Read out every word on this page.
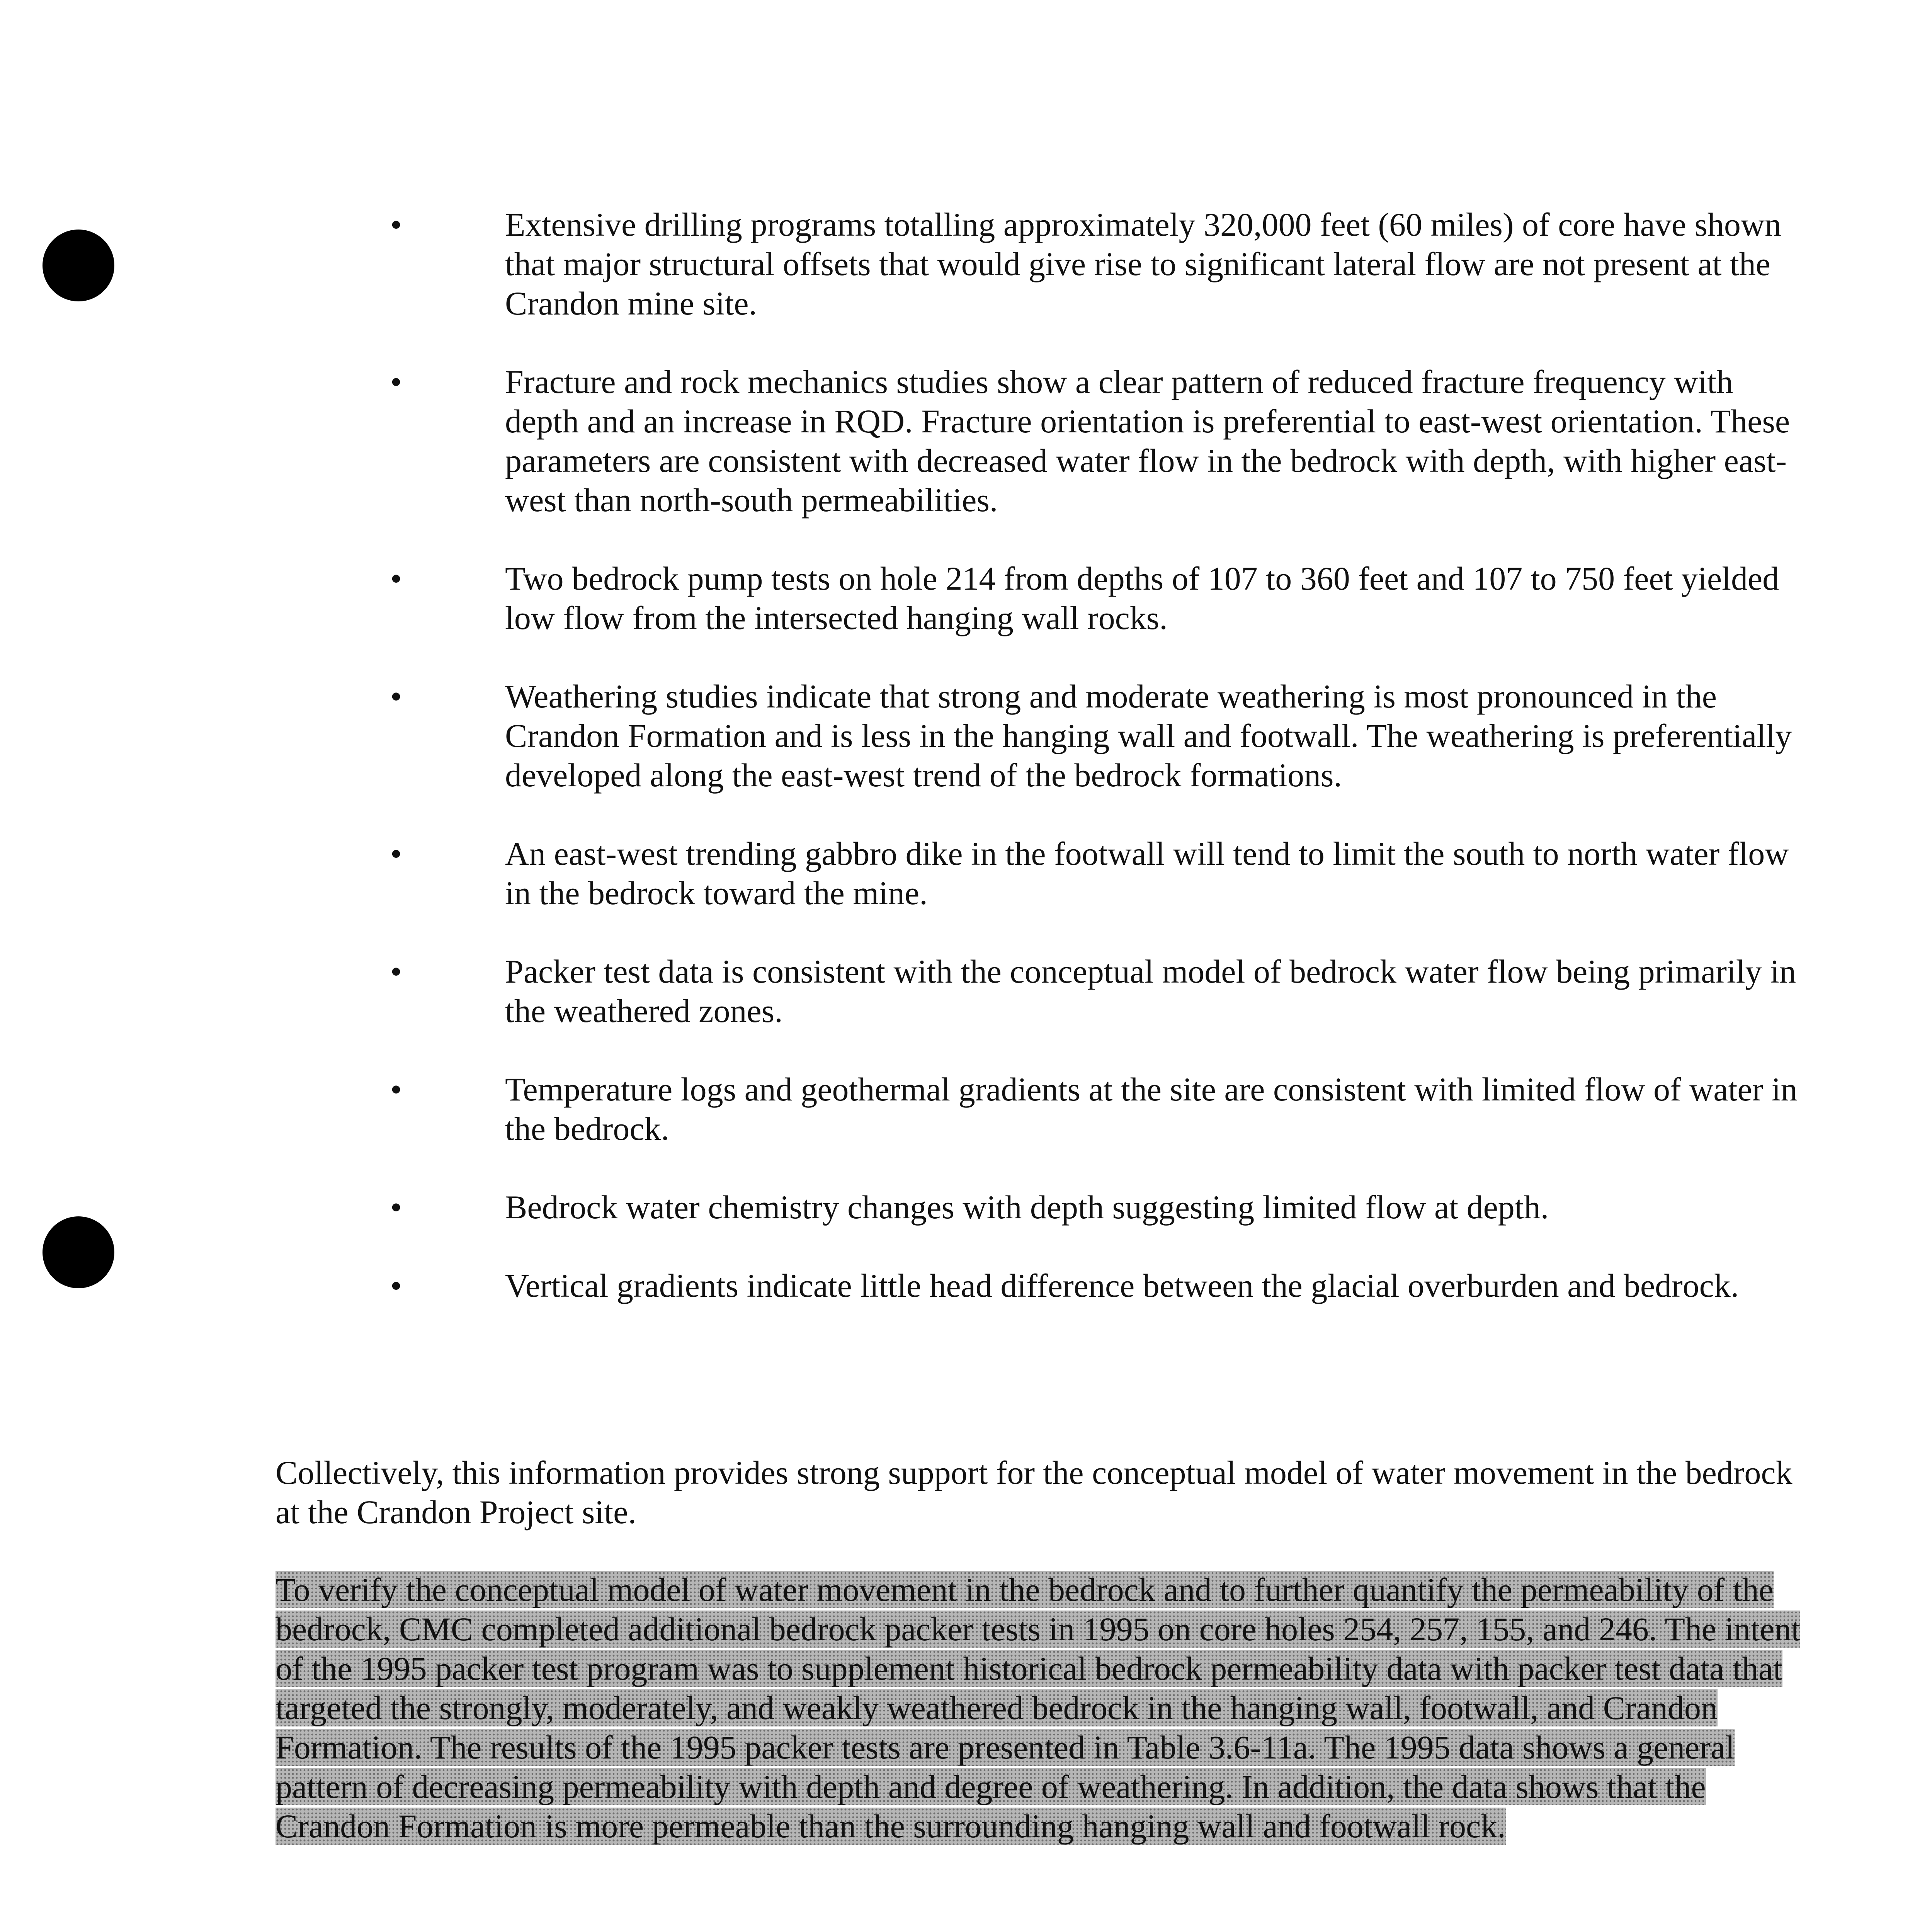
•	Extensive drilling programs totalling approximately 320,000 feet (60 miles) of core have shown that major structural offsets that would give rise to significant lateral flow are not present at the Crandon mine site.
•	Fracture and rock mechanics studies show a clear pattern of reduced fracture frequency with depth and an increase in RQD. Fracture orientation is preferential to east-west orientation. These parameters are consistent with decreased water flow in the bedrock with depth, with higher east-west than north-south permeabilities.
•	Two bedrock pump tests on hole 214 from depths of 107 to 360 feet and 107 to 750 feet yielded low flow from the intersected hanging wall rocks.
•	Weathering studies indicate that strong and moderate weathering is most pronounced in the Crandon Formation and is less in the hanging wall and footwall. The weathering is preferentially developed along the east-west trend of the bedrock formations.
•	An east-west trending gabbro dike in the footwall will tend to limit the south to north water flow in the bedrock toward the mine.
•	Packer test data is consistent with the conceptual model of bedrock water flow being primarily in the weathered zones.
•	Temperature logs and geothermal gradients at the site are consistent with limited flow of water in the bedrock.
•	Bedrock water chemistry changes with depth suggesting limited flow at depth.
•	Vertical gradients indicate little head difference between the glacial overburden and bedrock.

Collectively, this information provides strong support for the conceptual model of water movement in the bedrock at the Crandon Project site.

To verify the conceptual model of water movement in the bedrock and to further quantify the permeability of the bedrock, CMC completed additional bedrock packer tests in 1995 on core holes 254, 257, 155, and 246. The intent of the 1995 packer test program was to supplement historical bedrock permeability data with packer test data that targeted the strongly, moderately, and weakly weathered bedrock in the hanging wall, footwall, and Crandon Formation. The results of the 1995 packer tests are presented in Table 3.6-11a. The 1995 data shows a general pattern of decreasing permeability with depth and degree of weathering. In addition, the data shows that the Crandon Formation is more permeable than the surrounding hanging wall and footwall rock.
